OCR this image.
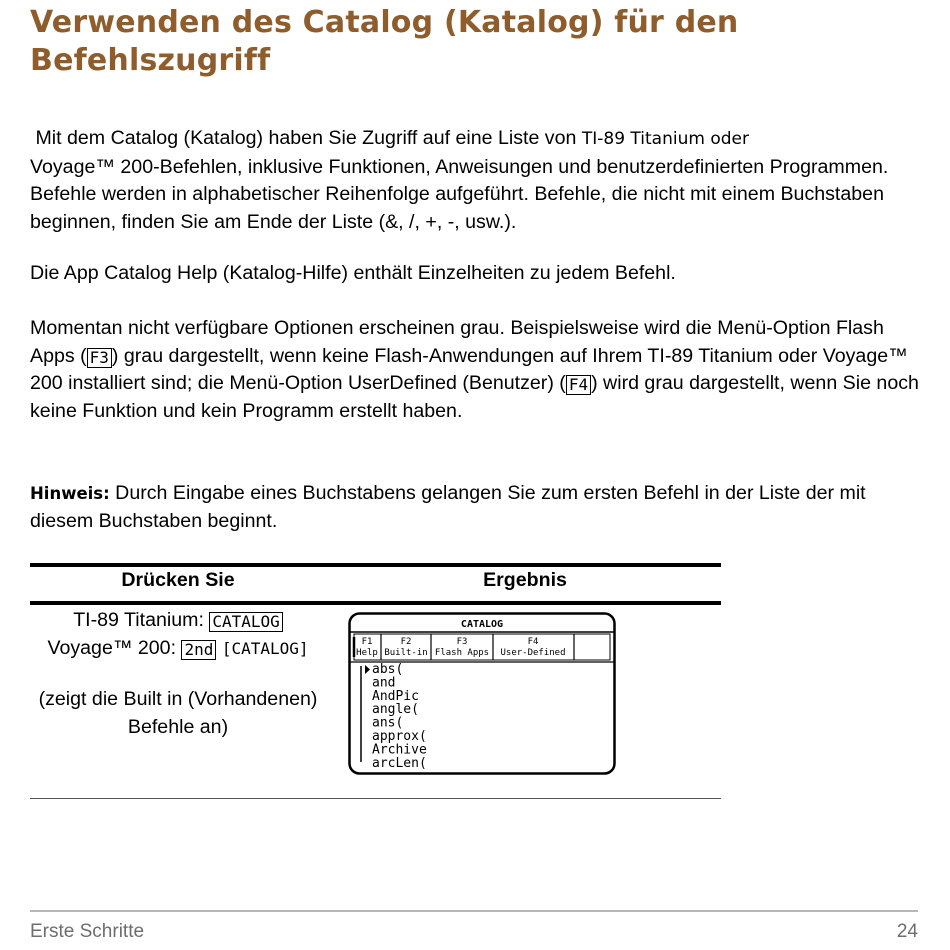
Verwenden des Catalog (Katalog) für den
Befehlszugriff
Mit dem Catalog (Katalog) haben Sie Zugriff auf eine Liste von TI-89 Titanium oder
Voyage™ 200-Befehlen, inklusive Funktionen, Anweisungen und benutzerdefinierten Programmen. Befehle werden in alphabetischer Reihenfolge aufgeführt. Befehle, die nicht mit einem Buchstaben beginnen, finden Sie am Ende der Liste (&, /, +, -, usw.).
Die App Catalog Help (Katalog-Hilfe) enthält Einzelheiten zu jedem Befehl.
Momentan nicht verfügbare Optionen erscheinen grau. Beispielsweise wird die Menü-Option Flash Apps ( F3 ) grau dargestellt, wenn keine Flash-Anwendungen auf Ihrem TI-89 Titanium oder Voyage™ 200 installiert sind; die Menü-Option UserDefined (Benutzer) ( F4 ) wird grau dargestellt, wenn Sie noch keine Funktion und kein Programm erstellt haben.
Hinweis: Durch Eingabe eines Buchstabens gelangen Sie zum ersten Befehl in der Liste der mit diesem Buchstaben beginnt.
Drücken Sie	Ergebnis
TI-89 Titanium: CATALOG
Voyage™ 200: 2nd [CATALOG]
(zeigt die Built in (Vorhandenen) Befehle an)
CATALOG
F1
Help
F2
Built-in
F3
Flash Apps
F4
User-Defined
abs(
and
AndPic
angle(
ans(
approx(
Archive
arcLen(
Erste Schritte	24
